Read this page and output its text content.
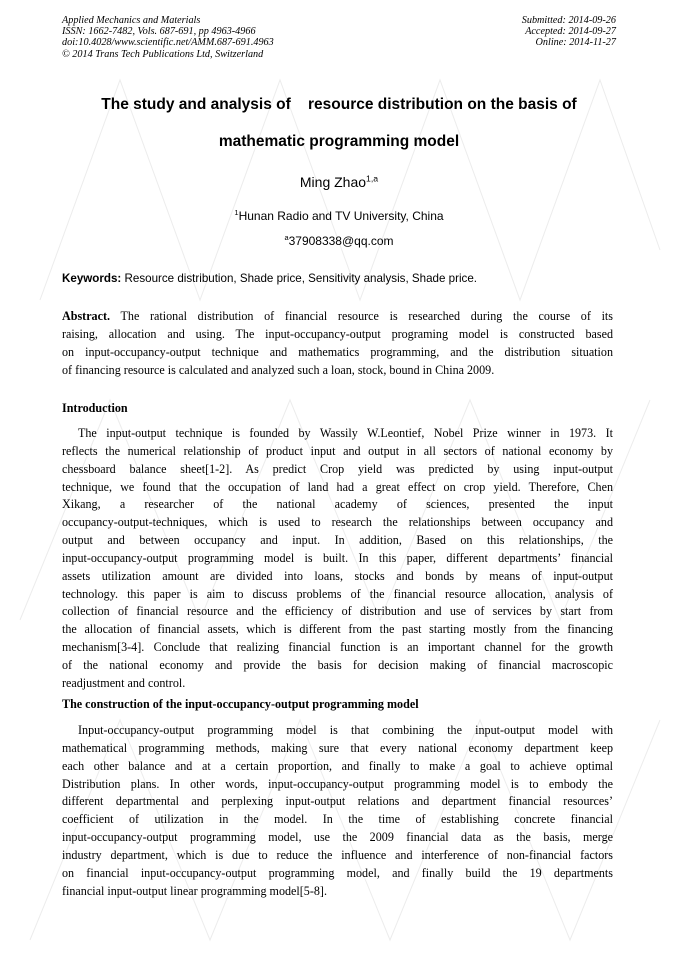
Applied Mechanics and Materials
ISSN: 1662-7482, Vols. 687-691, pp 4963-4966
doi:10.4028/www.scientific.net/AMM.687-691.4963
© 2014 Trans Tech Publications Ltd, Switzerland
Submitted: 2014-09-26
Accepted: 2014-09-27
Online: 2014-11-27
The study and analysis of    resource distribution on the basis of
mathematic programming model
Ming Zhao$^{1,a}$
$^1$Hunan Radio and TV University, China
$^a$37908338@qq.com
Keywords: Resource distribution, Shade price, Sensitivity analysis, Shade price.
Abstract. The rational distribution of financial resource is researched during the course of its
raising, allocation and using. The input-occupancy-output programing model is constructed based
on input-occupancy-output technique and mathematics programming, and the distribution situation
of financing resource is calculated and analyzed such a loan, stock, bound in China 2009.
Introduction
The input-output technique is founded by Wassily W.Leontief, Nobel Prize winner in 1973. It
reflects the numerical relationship of product input and output in all sectors of national economy by
chessboard balance sheet[1-2]. As predict Crop yield was predicted by using input-output
technique, we found that the occupation of land had a great effect on crop yield. Therefore, Chen
Xikang, a researcher of the national academy of sciences, presented the input
occupancy-output-techniques, which is used to research the relationships between occupancy and
output and between occupancy and input. In addition, Based on this relationships, the
input-occupancy-output programming model is built. In this paper, different departments’ financial
assets utilization amount are divided into loans, stocks and bonds by means of input-output
technology. this paper is aim to discuss problems of the financial resource allocation, analysis of
collection of financial resource and the efficiency of distribution and use of services by start from
the allocation of financial assets, which is different from the past starting mostly from the financing
mechanism[3-4]. Conclude that realizing financial function is an important channel for the growth
of the national economy and provide the basis for decision making of financial macroscopic
readjustment and control.
The construction of the input-occupancy-output programming model
Input-occupancy-output programming model is that combining the input-output model with
mathematical programming methods, making sure that every national economy department keep
each other balance and at a certain proportion, and finally to make a goal to achieve optimal
Distribution plans. In other words, input-occupancy-output programming model is to embody the
different departmental and perplexing input-output relations and department financial resources’
coefficient of utilization in the model. In the time of establishing concrete financial
input-occupancy-output programming model, use the 2009 financial data as the basis, merge
industry department, which is due to reduce the influence and interference of non-financial factors
on financial input-occupancy-output programming model, and finally build the 19 departments
financial input-output linear programming model[5-8].
